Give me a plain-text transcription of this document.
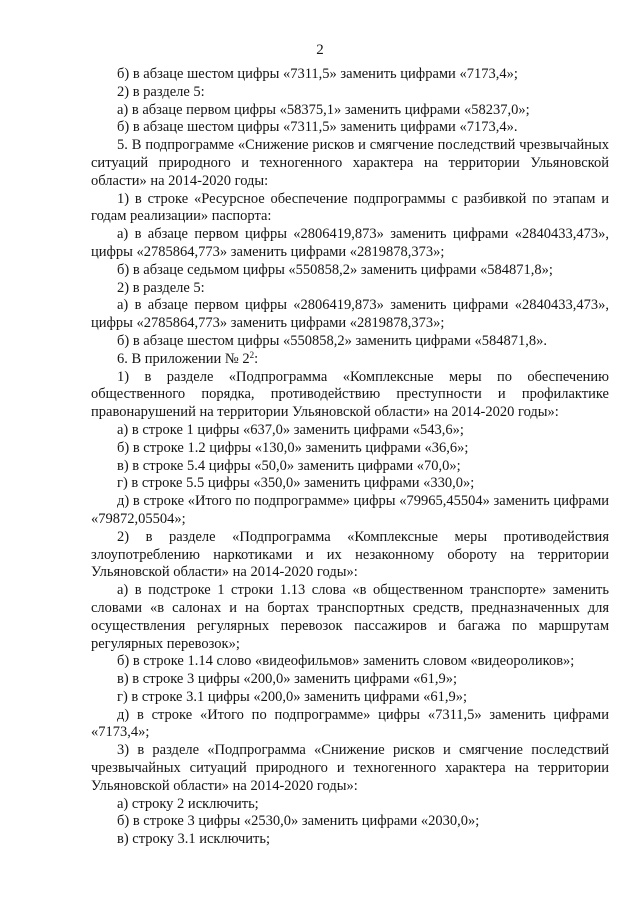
2

б) в абзаце шестом цифры «7311,5» заменить цифрами «7173,4»;

2) в разделе 5:

а) в абзаце первом цифры «58375,1» заменить цифрами «58237,0»;

б) в абзаце шестом цифры «7311,5» заменить цифрами «7173,4».

5. В подпрограмме «Снижение рисков и смягчение последствий чрезвычайных ситуаций природного и техногенного характера на территории Ульяновской области» на 2014-2020 годы:

1) в строке «Ресурсное обеспечение подпрограммы с разбивкой по этапам и годам реализации» паспорта:

а) в абзаце первом цифры «2806419,873» заменить цифрами «2840433,473», цифры «2785864,773» заменить цифрами «2819878,373»;

б) в абзаце седьмом цифры «550858,2» заменить цифрами «584871,8»;

2) в разделе 5:

а) в абзаце первом цифры «2806419,873» заменить цифрами «2840433,473», цифры «2785864,773» заменить цифрами «2819878,373»;

б) в абзаце шестом цифры «550858,2» заменить цифрами «584871,8».

6. В приложении № $2^2$:

1) в разделе «Подпрограмма «Комплексные меры по обеспечению общественного порядка, противодействию преступности и профилактике правонарушений на территории Ульяновской области» на 2014-2020 годы»:

а) в строке 1 цифры «637,0» заменить цифрами «543,6»;

б) в строке 1.2 цифры «130,0» заменить цифрами «36,6»;

в) в строке 5.4 цифры «50,0» заменить цифрами «70,0»;

г) в строке 5.5 цифры «350,0» заменить цифрами «330,0»;

д) в строке «Итого по подпрограмме» цифры «79965,45504» заменить цифрами «79872,05504»;

2) в разделе «Подпрограмма «Комплексные меры противодействия злоупотреблению наркотиками и их незаконному обороту на территории Ульяновской области» на 2014-2020 годы»:

а) в подстроке 1 строки 1.13 слова «в общественном транспорте» заменить словами «в салонах и на бортах транспортных средств, предназначенных для осуществления регулярных перевозок пассажиров и багажа по маршрутам регулярных перевозок»;

б) в строке 1.14 слово «видеофильмов» заменить словом «видеороликов»;

в) в строке 3 цифры «200,0» заменить цифрами «61,9»;

г) в строке 3.1 цифры «200,0» заменить цифрами «61,9»;

д) в строке «Итого по подпрограмме» цифры «7311,5» заменить цифрами «7173,4»;

3) в разделе «Подпрограмма «Снижение рисков и смягчение последствий чрезвычайных ситуаций природного и техногенного характера на территории Ульяновской области» на 2014-2020 годы»:

а) строку 2 исключить;

б) в строке 3 цифры «2530,0» заменить цифрами «2030,0»;

в) строку 3.1 исключить;
